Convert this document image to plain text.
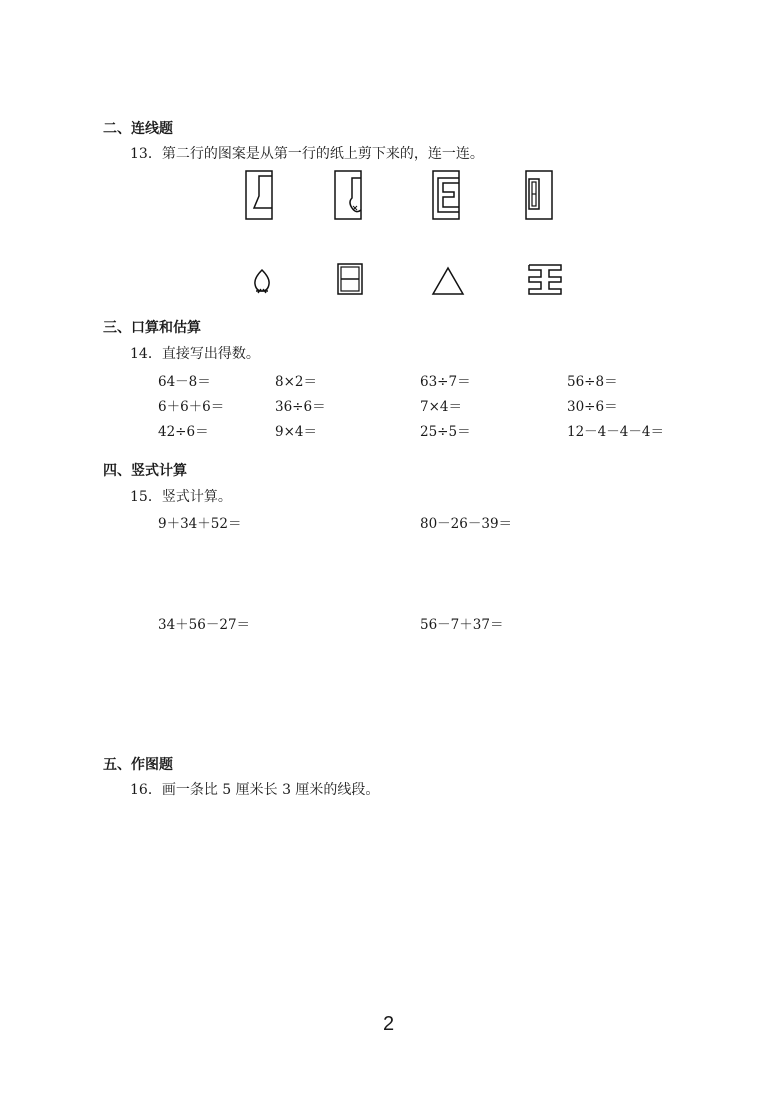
二、连线题
13．第二行的图案是从第一行的纸上剪下来的，连一连。
三、口算和估算
14．直接写出得数。
64－8＝	8×2＝	63÷7＝	56÷8＝
6＋6＋6＝	36÷6＝	7×4＝	30÷6＝
42÷6＝	9×4＝	25÷5＝	12－4－4－4＝
四、竖式计算
15．竖式计算。
9＋34＋52＝	80－26－39＝
34＋56－27＝	56－7＋37＝
五、作图题
16．画一条比 5 厘米长 3 厘米的线段。
2
